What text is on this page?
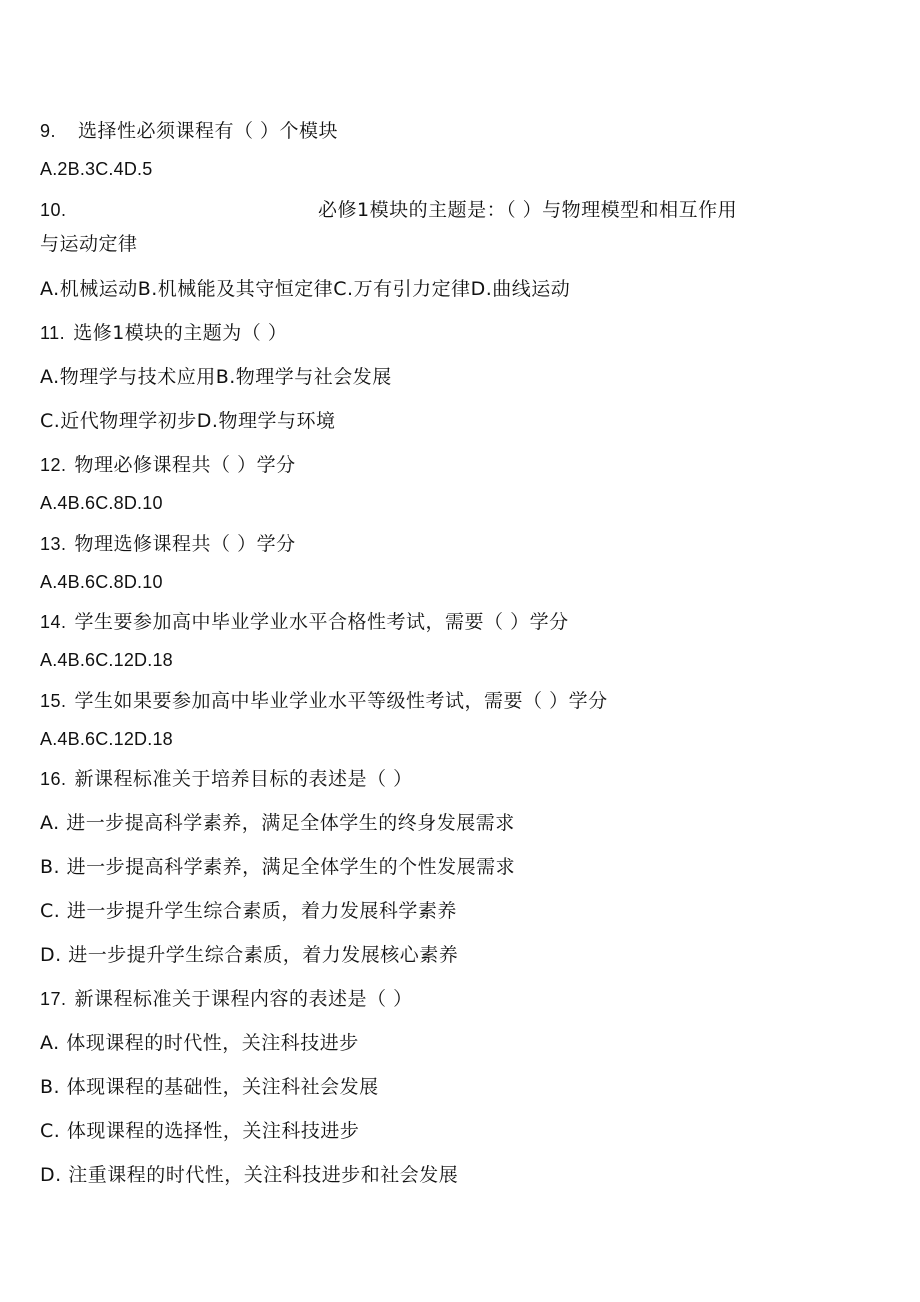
9. 选择性必须课程有（ ）个模块
A.2B.3C.4D.5
10.	必修1模块的主题是：（ ）与物理模型和相互作用
与运动定律
A.机械运动B.机械能及其守恒定律C.万有引力定律D.曲线运动
11. 选修1模块的主题为（ ）
A.物理学与技术应用B.物理学与社会发展
C.近代物理学初步D.物理学与环境
12. 物理必修课程共（ ）学分
A.4B.6C.8D.10
13. 物理选修课程共（ ）学分
A.4B.6C.8D.10
14. 学生要参加高中毕业学业水平合格性考试，需要（ ）学分
A.4B.6C.12D.18
15. 学生如果要参加高中毕业学业水平等级性考试，需要（ ）学分
A.4B.6C.12D.18
16. 新课程标准关于培养目标的表述是（ ）
A. 进一步提高科学素养，满足全体学生的终身发展需求
B. 进一步提高科学素养，满足全体学生的个性发展需求
C. 进一步提升学生综合素质，着力发展科学素养
D. 进一步提升学生综合素质，着力发展核心素养
17. 新课程标准关于课程内容的表述是（ ）
A. 体现课程的时代性，关注科技进步
B. 体现课程的基础性，关注科社会发展
C. 体现课程的选择性，关注科技进步
D. 注重课程的时代性，关注科技进步和社会发展
